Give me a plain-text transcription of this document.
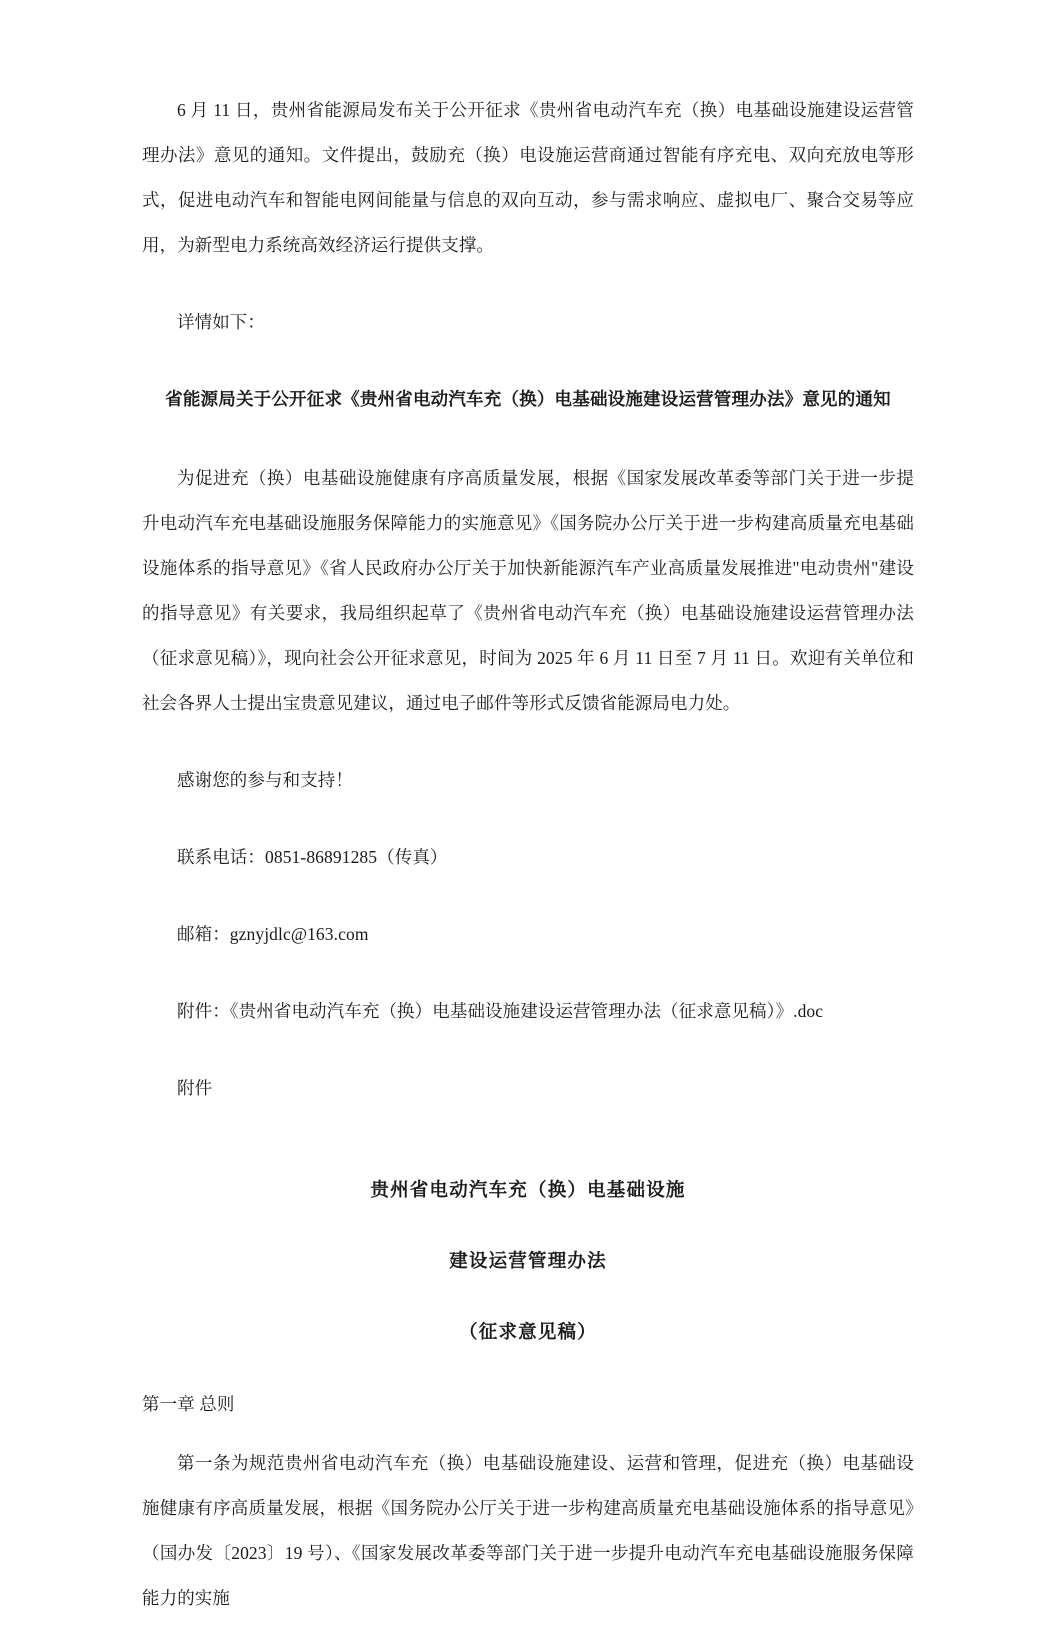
6 月 11 日，贵州省能源局发布关于公开征求《贵州省电动汽车充（换）电基础设施建设运营管理办法》意见的通知。文件提出，鼓励充（换）电设施运营商通过智能有序充电、双向充放电等形式，促进电动汽车和智能电网间能量与信息的双向互动，参与需求响应、虚拟电厂、聚合交易等应用，为新型电力系统高效经济运行提供支撑。

详情如下：

省能源局关于公开征求《贵州省电动汽车充（换）电基础设施建设运营管理办法》意见的通知

为促进充（换）电基础设施健康有序高质量发展，根据《国家发展改革委等部门关于进一步提升电动汽车充电基础设施服务保障能力的实施意见》《国务院办公厅关于进一步构建高质量充电基础设施体系的指导意见》《省人民政府办公厅关于加快新能源汽车产业高质量发展推进"电动贵州"建设的指导意见》有关要求，我局组织起草了《贵州省电动汽车充（换）电基础设施建设运营管理办法（征求意见稿）》，现向社会公开征求意见，时间为 2025 年 6 月 11 日至 7 月 11 日。欢迎有关单位和社会各界人士提出宝贵意见建议，通过电子邮件等形式反馈省能源局电力处。

感谢您的参与和支持！

联系电话：0851-86891285（传真）

邮箱：gznyjdlc@163.com

附件：《贵州省电动汽车充（换）电基础设施建设运营管理办法（征求意见稿）》.doc

附件

贵州省电动汽车充（换）电基础设施

建设运营管理办法

（征求意见稿）

第一章 总则

第一条为规范贵州省电动汽车充（换）电基础设施建设、运营和管理，促进充（换）电基础设施健康有序高质量发展，根据《国务院办公厅关于进一步构建高质量充电基础设施体系的指导意见》（国办发〔2023〕19 号）、《国家发展改革委等部门关于进一步提升电动汽车充电基础设施服务保障能力的实施
